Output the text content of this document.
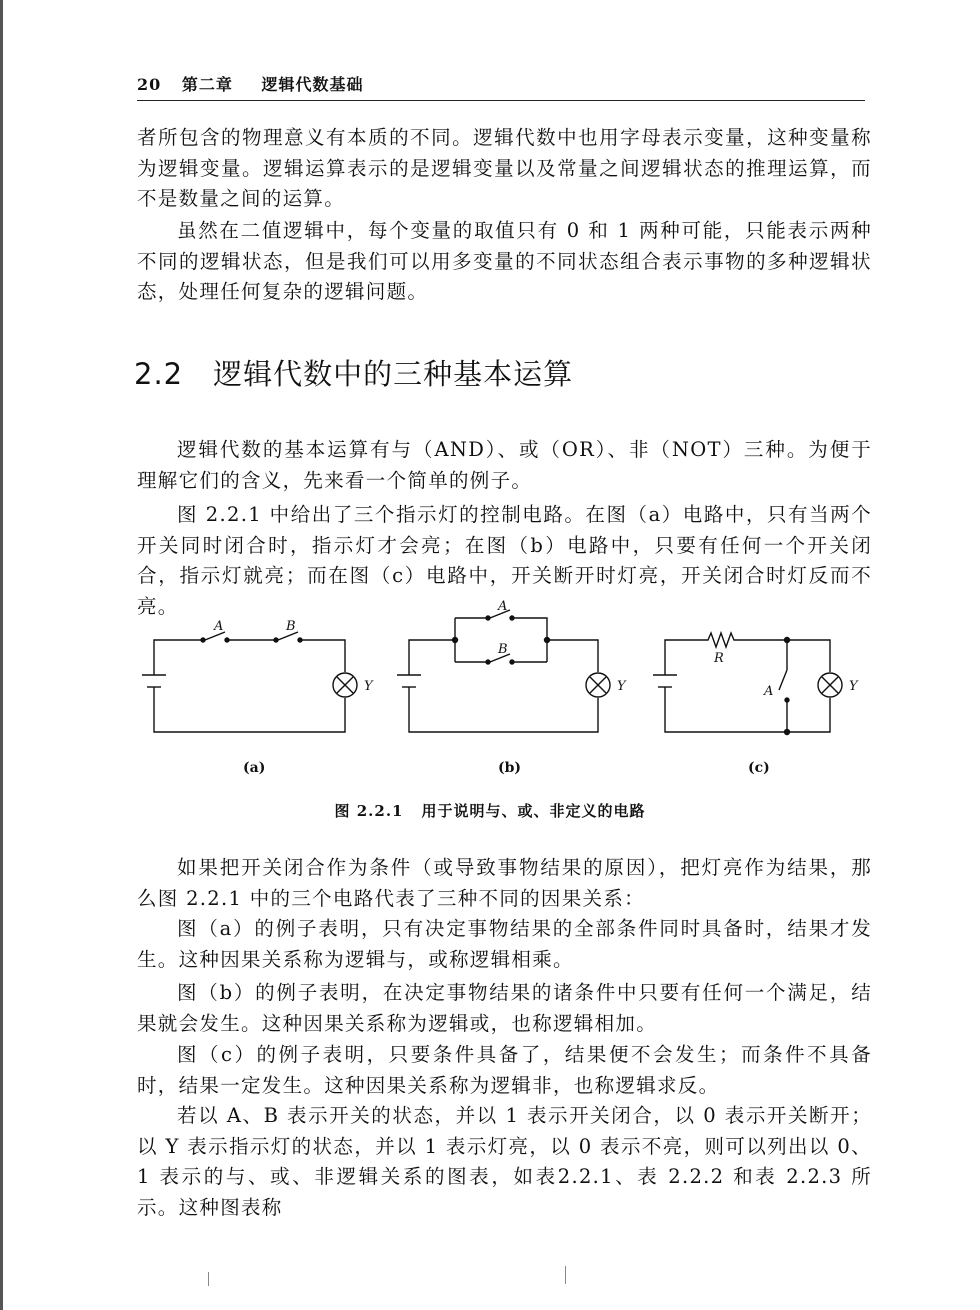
20 第二章 逻辑代数基础

者所包含的物理意义有本质的不同。逻辑代数中也用字母表示变量，这种变量称为逻辑变量。逻辑运算表示的是逻辑变量以及常量之间逻辑状态的推理运算，而不是数量之间的运算。

虽然在二值逻辑中，每个变量的取值只有 0 和 1 两种可能，只能表示两种不同的逻辑状态，但是我们可以用多变量的不同状态组合表示事物的多种逻辑状态，处理任何复杂的逻辑问题。

2.2 逻辑代数中的三种基本运算

逻辑代数的基本运算有与（AND）、或（OR）、非（NOT）三种。为便于理解它们的含义，先来看一个简单的例子。

图 2.2.1 中给出了三个指示灯的控制电路。在图（a）电路中，只有当两个开关同时闭合时，指示灯才会亮；在图（b）电路中，只要有任何一个开关闭合，指示灯就亮；而在图（c）电路中，开关断开时灯亮，开关闭合时灯反而不亮。

A	B
Y
A
B
Y
R
A	Y
(a)	(b)	(c)
图 2.2.1 用于说明与、或、非定义的电路

如果把开关闭合作为条件（或导致事物结果的原因），把灯亮作为结果，那么图 2.2.1 中的三个电路代表了三种不同的因果关系：

图（a）的例子表明，只有决定事物结果的全部条件同时具备时，结果才发生。这种因果关系称为逻辑与，或称逻辑相乘。

图（b）的例子表明，在决定事物结果的诸条件中只要有任何一个满足，结果就会发生。这种因果关系称为逻辑或，也称逻辑相加。

图（c）的例子表明，只要条件具备了，结果便不会发生；而条件不具备时，结果一定发生。这种因果关系称为逻辑非，也称逻辑求反。

若以 A、B 表示开关的状态，并以 1 表示开关闭合，以 0 表示开关断开；以 Y 表示指示灯的状态，并以 1 表示灯亮，以 0 表示不亮，则可以列出以 0、1 表示的与、或、非逻辑关系的图表，如表2.2.1、表 2.2.2 和表 2.2.3 所示。这种图表称
